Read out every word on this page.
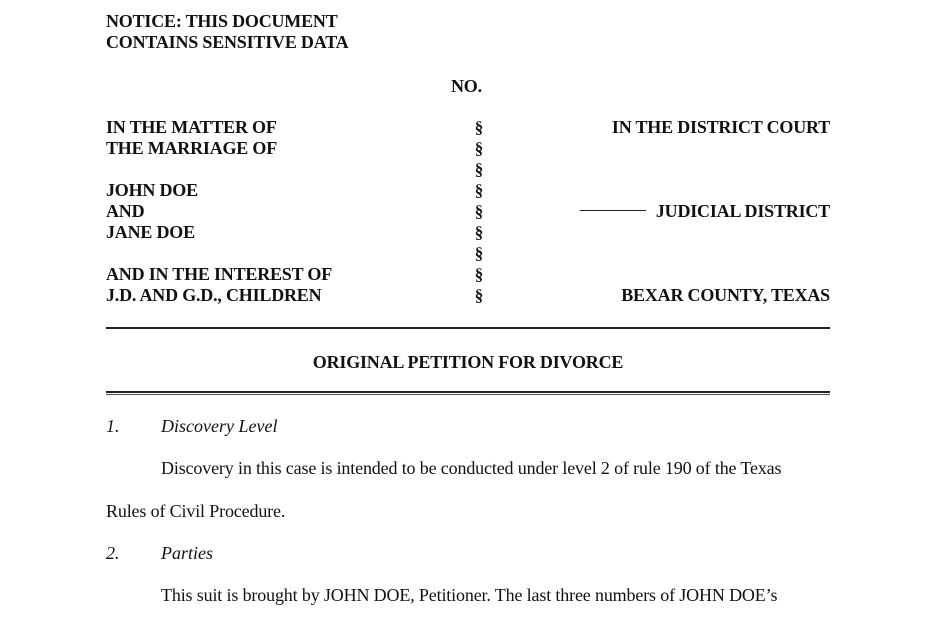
NOTICE: THIS DOCUMENT
CONTAINS SENSITIVE DATA
NO.
IN THE MATTER OF
THE MARRIAGE OF
JOHN DOE
AND
JANE DOE
AND IN THE INTEREST OF
J.D. AND G.D., CHILDREN
§
§
§
§
§
§
§
§
§
IN THE DISTRICT COURT
JUDICIAL DISTRICT
BEXAR COUNTY, TEXAS
ORIGINAL PETITION FOR DIVORCE
1. Discovery Level
Discovery in this case is intended to be conducted under level 2 of rule 190 of the Texas
Rules of Civil Procedure.
2. Parties
This suit is brought by JOHN DOE, Petitioner. The last three numbers of JOHN DOE’s
